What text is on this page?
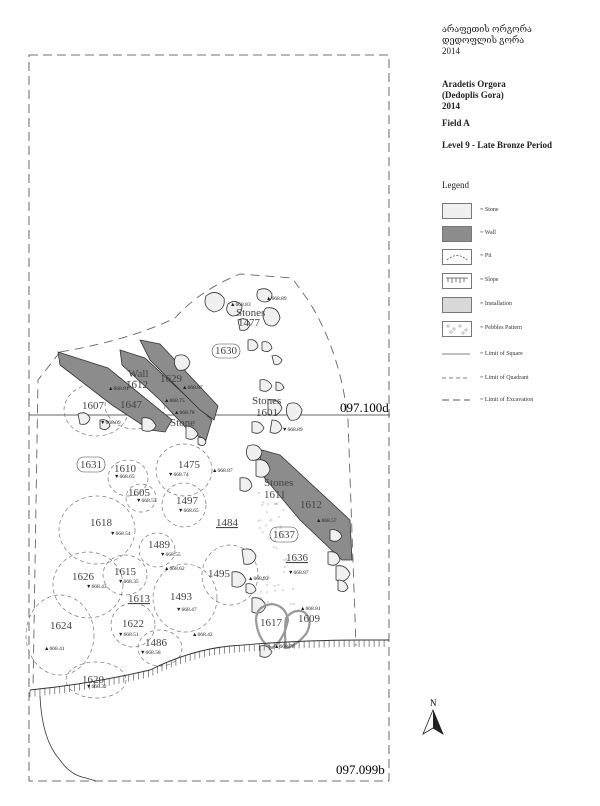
არაფეთის ორგორა
დედოფლის გორა
2014
Aradetis Orgora
(Dedoplis Gora)
2014
Field A
Level 9 - Late Bronze Period
Legend
= Stone
= Wall
= Pit
= Slope
= Installation
= Pebbles Pattern
= Limit of Square
= Limit of Quadrant
= Limit of Excavation
097.100d
097.099b
N
1477
1630
1612 1629
1607 1647
1601
1631 1610	1475
1611
1612
1605
1497
1618	1484
1637
1489
1636
1626 1615	1495
1613 1493
1624	1622	1617 1609
1486
1620
Stones
Wall
Stones
Stone
Stones
▲668.83
▲668.89
▲668.87
▲668.81
▲668.75
▲668.78
▼668.09
▼668.89
▼668.65	▼668.74
▲668.87
▼668.55
▼668.65
▼668.54
▲668.57
▼668.55
▲668.62
▲668.82
▼668.87
▼668.43
▼668.35
▼668.47	▲668.81
▼668.51	▲668.42
▲668.41
▼668.58
▲668.78
▼668.32
